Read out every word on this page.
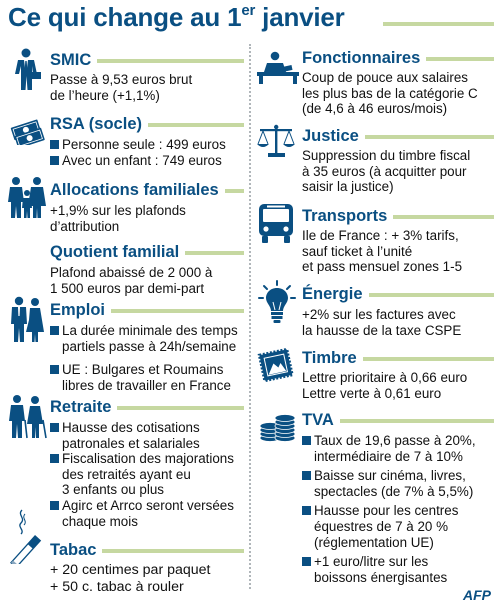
Ce qui change au 1er janvier
SMIC
Passe à 9,53 euros brut
de l’heure (+1,1%)
RSA (socle)
Personne seule : 499 euros
Avec un enfant : 749 euros
Allocations familiales
+1,9% sur les plafonds
d’attribution
Quotient familial
Plafond abaissé de 2 000 à
1 500 euros par demi-part
Emploi
La durée minimale des temps
partiels passe à 24h/semaine
UE : Bulgares et Roumains
libres de travailler en France
Retraite
Hausse des cotisations
patronales et salariales
Fiscalisation des majorations
des retraités ayant eu
3 enfants ou plus
Agirc et Arrco seront versées
chaque mois
Tabac
+ 20 centimes par paquet
+ 50 c. tabac à rouler
Fonctionnaires
Coup de pouce aux salaires
les plus bas de la catégorie C
(de 4,6 à 46 euros/mois)
Justice
Suppression du timbre fiscal
à 35 euros (à acquitter pour
saisir la justice)
Transports
Ile de France : + 3% tarifs,
sauf ticket à l’unité
et pass mensuel zones 1-5
Énergie
+2% sur les factures avec
la hausse de la taxe CSPE
Timbre
Lettre prioritaire à 0,66 euro
Lettre verte à 0,61 euro
TVA
Taux de 19,6 passe à 20%,
intermédiaire de 7 à 10%
Baisse sur cinéma, livres,
spectacles (de 7% à 5,5%)
Hausse pour les centres
équestres de 7 à 20 %
(réglementation UE)
+1 euro/litre sur les
boissons énergisantes
AFP
